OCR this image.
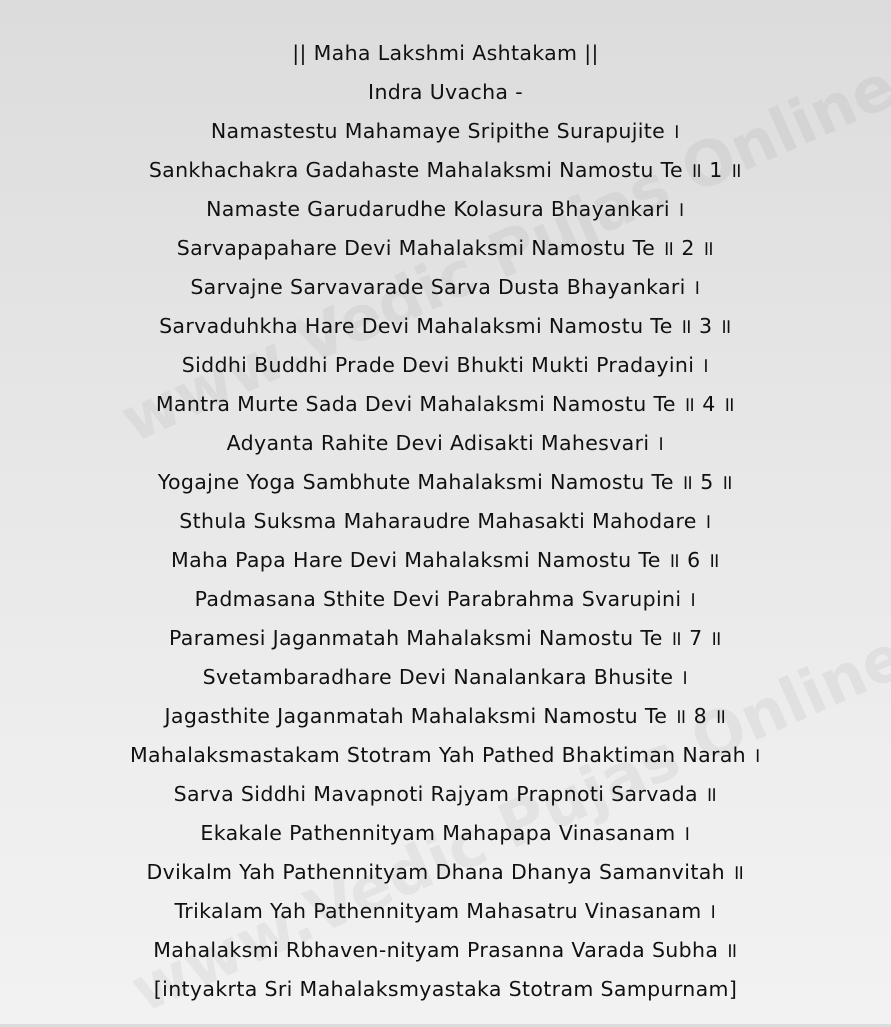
|| Maha Lakshmi Ashtakam ||
Indra Uvacha -
Namastestu Mahamaye Sripithe Surapujite ।
Sankhachakra Gadahaste Mahalaksmi Namostu Te ॥ 1 ॥
Namaste Garudarudhe Kolasura Bhayankari ।
Sarvapapahare Devi Mahalaksmi Namostu Te ॥ 2 ॥
Sarvajne Sarvavarade Sarva Dusta Bhayankari ।
Sarvaduhkha Hare Devi Mahalaksmi Namostu Te ॥ 3 ॥
Siddhi Buddhi Prade Devi Bhukti Mukti Pradayini ।
Mantra Murte Sada Devi Mahalaksmi Namostu Te ॥ 4 ॥
Adyanta Rahite Devi Adisakti Mahesvari ।
Yogajne Yoga Sambhute Mahalaksmi Namostu Te ॥ 5 ॥
Sthula Suksma Maharaudre Mahasakti Mahodare ।
Maha Papa Hare Devi Mahalaksmi Namostu Te ॥ 6 ॥
Padmasana Sthite Devi Parabrahma Svarupini ।
Paramesi Jaganmatah Mahalaksmi Namostu Te ॥ 7 ॥
Svetambaradhare Devi Nanalankara Bhusite ।
Jagasthite Jaganmatah Mahalaksmi Namostu Te ॥ 8 ॥
Mahalaksmastakam Stotram Yah Pathed Bhaktiman Narah ।
Sarva Siddhi Mavapnoti Rajyam Prapnoti Sarvada ॥
Ekakale Pathennityam Mahapapa Vinasanam ।
Dvikalm Yah Pathennityam Dhana Dhanya Samanvitah ॥
Trikalam Yah Pathennityam Mahasatru Vinasanam ।
Mahalaksmi Rbhaven-nityam Prasanna Varada Subha ॥
[intyakrta Sri Mahalaksmyastaka Stotram Sampurnam]
